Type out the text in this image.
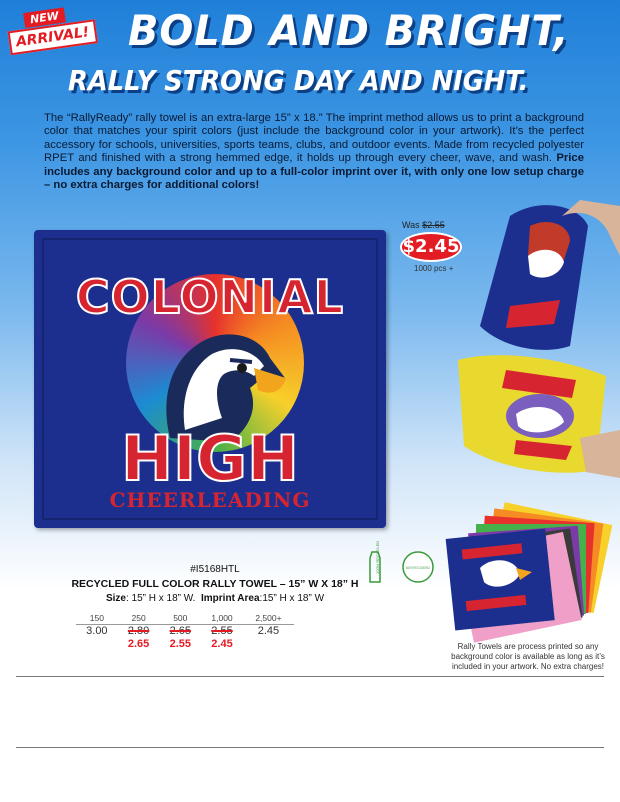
NEW
ARRIVAL! BOLD AND BRIGHT,
RALLY STRONG DAY AND NIGHT.

The “RallyReady” rally towel is an extra-large 15” x 18.” The imprint method allows us to print a background color that matches your spirit colors (just include the background color in your artwork). It’s the perfect accessory for schools, universities, sports teams, clubs, and outdoor events. Made from recycled polyester RPET and finished with a strong hemmed edge, it holds up through every cheer, wave, and wash. Price includes any background color and up to a full-color imprint over it, with only one low setup charge – no extra charges for additional colors!

COLONIAL
HIGH
CHEERLEADING
Was $2.55
$2.45
1000 pcs +
100% RECYCLED	MADE WITH RECYCLED MATERIALS
#I5168HTL
RECYCLED FULL COLOR RALLY TOWEL – 15” W X 18” H
Size: 15” H x 18” W. Imprint Area:15” H x 18” W
150	250	500	1,000	2,500+
3.00	2.80	2.65	2.55	2.45
	2.65	2.55	2.45		Rally Towels are process printed so any background color is available as long as it’s included in your artwork. No extra charges!
